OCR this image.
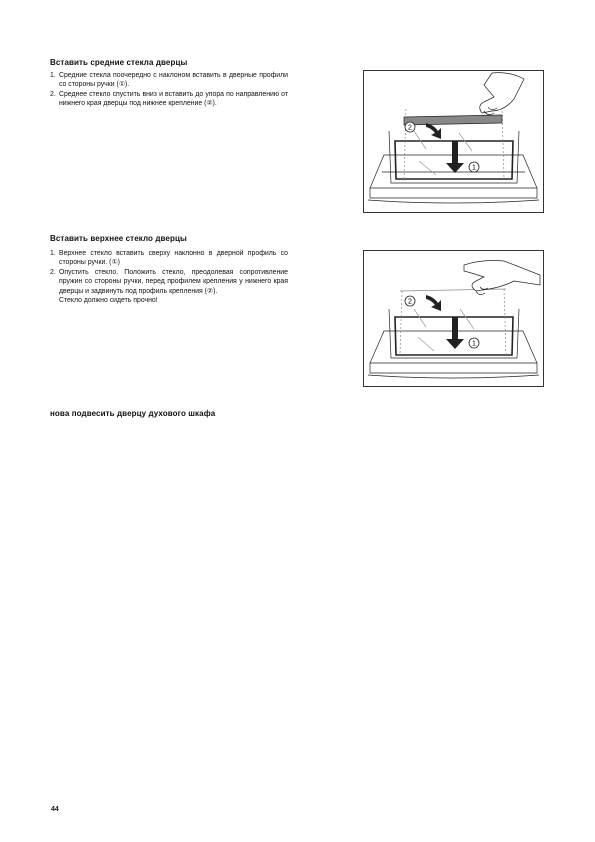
Вставить средние стекла дверцы
1. Средние стекла поочередно с наклоном вставить в дверные профили со стороны ручки (①).
2. Среднее стекло спустить вниз и вставить до упора по направлению от нижнего края дверцы под нижнее крепление (②).
2
1
Вставить верхнее стекло дверцы
1. Верхнее стекло вставить сверху наклонно в дверной профиль со стороны ручки. (①)
2. Опустить стекло. Положить стекло, преодолевая сопротивление пружин со стороны ручки, перед профилем крепления у нижнего края дверцы и задвинуть под профиль крепления (②).
Стекло должно сидеть прочно!	2
1
нова подвесить дверцу духового шкафа

44
